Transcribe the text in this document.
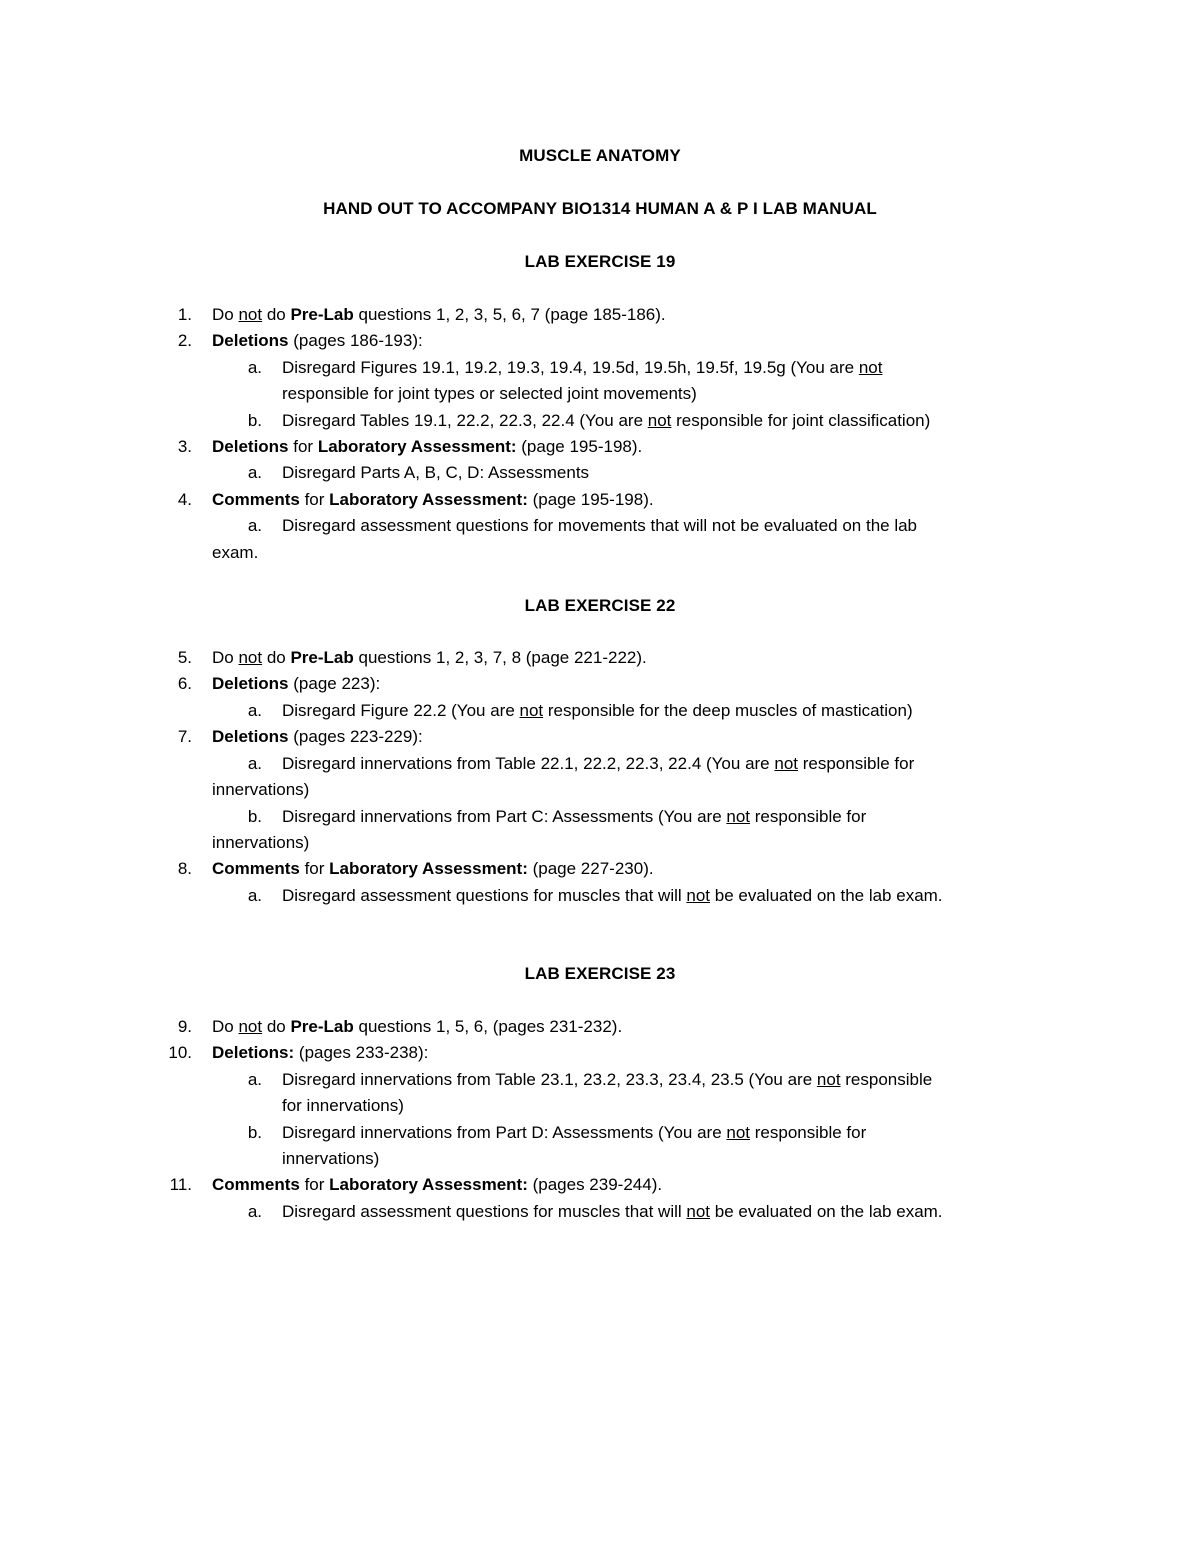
MUSCLE ANATOMY
HAND OUT TO ACCOMPANY BIO1314 HUMAN A & P I LAB MANUAL
LAB EXERCISE 19
1. Do not do Pre-Lab questions 1, 2, 3, 5, 6, 7 (page 185-186).
2. Deletions (pages 186-193):
a. Disregard Figures 19.1, 19.2, 19.3, 19.4, 19.5d, 19.5h, 19.5f, 19.5g (You are not
responsible for joint types or selected joint movements)
b. Disregard Tables 19.1, 22.2, 22.3, 22.4 (You are not responsible for joint classification)
3. Deletions for Laboratory Assessment: (page 195-198).
a. Disregard Parts A, B, C, D: Assessments
4. Comments for Laboratory Assessment: (page 195-198).
a. Disregard assessment questions for movements that will not be evaluated on the lab
exam.
LAB EXERCISE 22
5. Do not do Pre-Lab questions 1, 2, 3, 7, 8 (page 221-222).
6. Deletions (page 223):
a. Disregard Figure 22.2 (You are not responsible for the deep muscles of mastication)
7. Deletions (pages 223-229):
a. Disregard innervations from Table 22.1, 22.2, 22.3, 22.4 (You are not responsible for
innervations)
b. Disregard innervations from Part C: Assessments (You are not responsible for
innervations)
8. Comments for Laboratory Assessment: (page 227-230).
a. Disregard assessment questions for muscles that will not be evaluated on the lab exam.
LAB EXERCISE 23
9. Do not do Pre-Lab questions 1, 5, 6, (pages 231-232).
10. Deletions: (pages 233-238):
a. Disregard innervations from Table 23.1, 23.2, 23.3, 23.4, 23.5 (You are not responsible
for innervations)
b. Disregard innervations from Part D: Assessments (You are not responsible for
innervations)
11. Comments for Laboratory Assessment: (pages 239-244).
a. Disregard assessment questions for muscles that will not be evaluated on the lab exam.
